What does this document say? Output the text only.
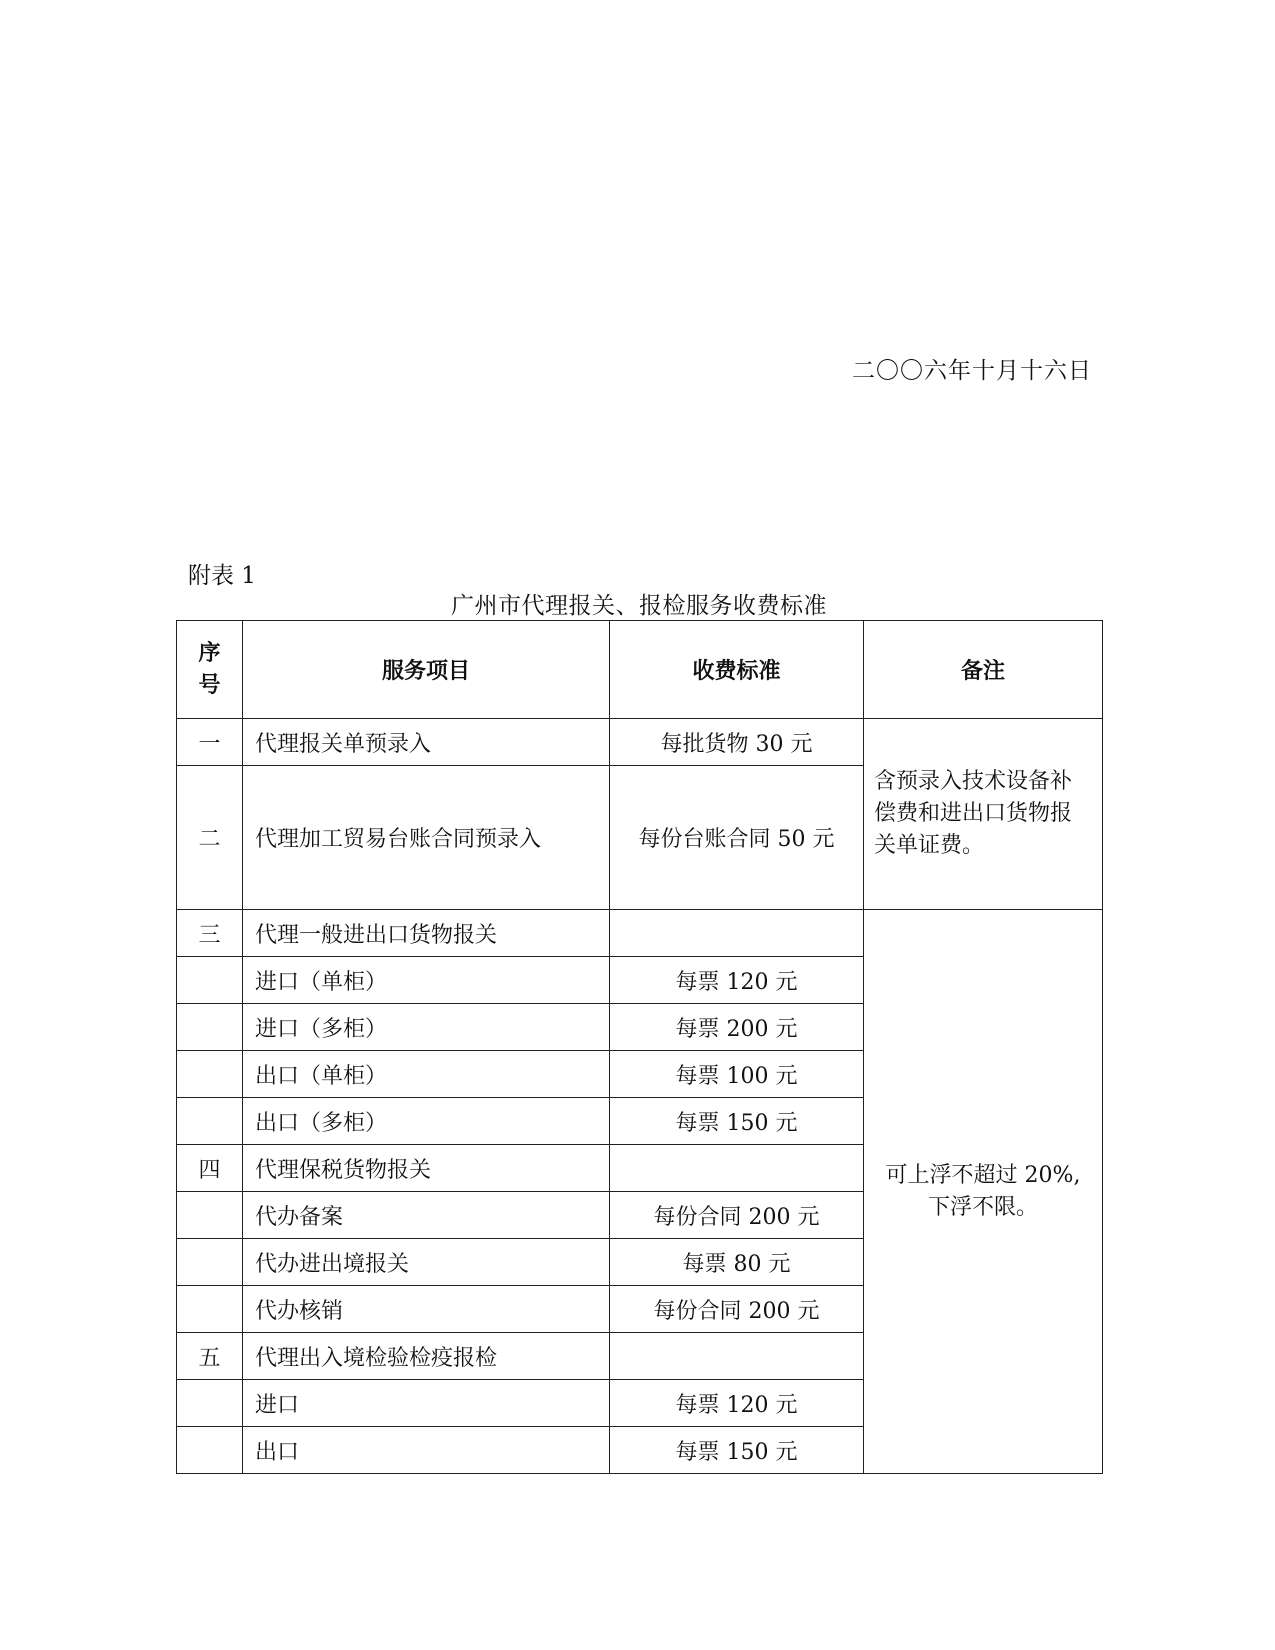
二〇〇六年十月十六日
附表 1
广州市代理报关、报检服务收费标准
序
号	服务项目	收费标准	备注
一	代理报关单预录入	每批货物 30 元	含预录入技术设备补偿费和进出口货物报关单证费。
二	代理加工贸易台账合同预录入	每份台账合同 50 元	
三	代理一般进出口货物报关		可上浮不超过 20%,
下浮不限。

	进口（单柜）	每票 120 元	
	进口（多柜）	每票 200 元	
	出口（单柜）	每票 100 元	
	出口（多柜）	每票 150 元	
四	代理保税货物报关		
	代办备案	每份合同 200 元	
	代办进出境报关	每票 80 元	
	代办核销	每份合同 200 元	
五	代理出入境检验检疫报检		
	进口	每票 120 元	
	出口	每票 150 元	
